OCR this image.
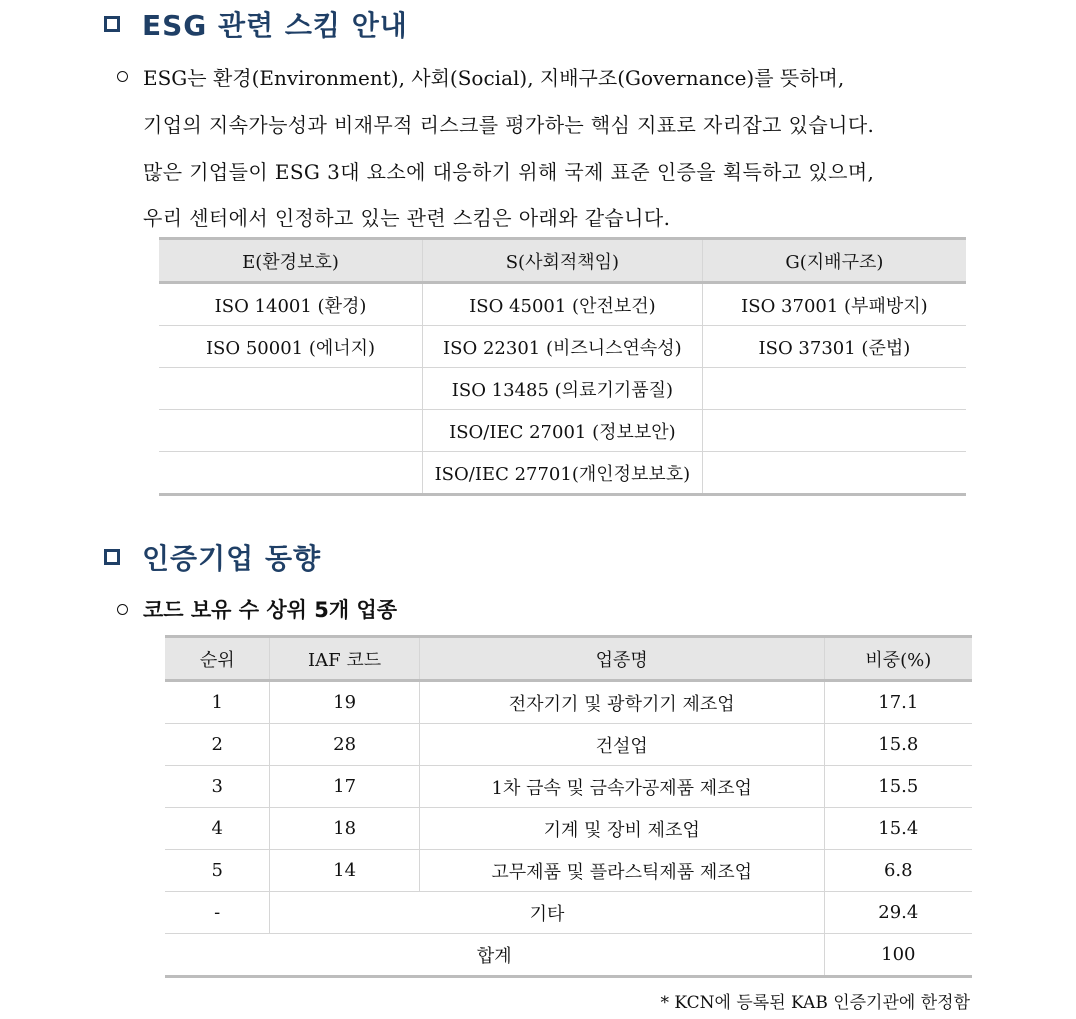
ESG 관련 스킴 안내
ESG는 환경(Environment), 사회(Social), 지배구조(Governance)를 뜻하며,
기업의 지속가능성과 비재무적 리스크를 평가하는 핵심 지표로 자리잡고 있습니다.
많은 기업들이 ESG 3대 요소에 대응하기 위해 국제 표준 인증을 획득하고 있으며,
우리 센터에서 인정하고 있는 관련 스킴은 아래와 같습니다.
E(환경보호)	S(사회적책임)	G(지배구조)
ISO 14001 (환경)	ISO 45001 (안전보건)	ISO 37001 (부패방지)
ISO 50001 (에너지)	ISO 22301 (비즈니스연속성)	ISO 37301 (준법)
	ISO 13485 (의료기기품질)	
	ISO/IEC 27001 (정보보안)	
	ISO/IEC 27701(개인정보보호)	
인증기업 동향
코드 보유 수 상위 5개 업종
순위	IAF 코드	업종명	비중(%)
1	19	전자기기 및 광학기기 제조업	17.1
2	28	건설업	15.8
3	17	1차 금속 및 금속가공제품 제조업	15.5
4	18	기계 및 장비 제조업	15.4
5	14	고무제품 및 플라스틱제품 제조업	6.8
-	기타		29.4
합계			100
* KCN에 등록된 KAB 인증기관에 한정함
